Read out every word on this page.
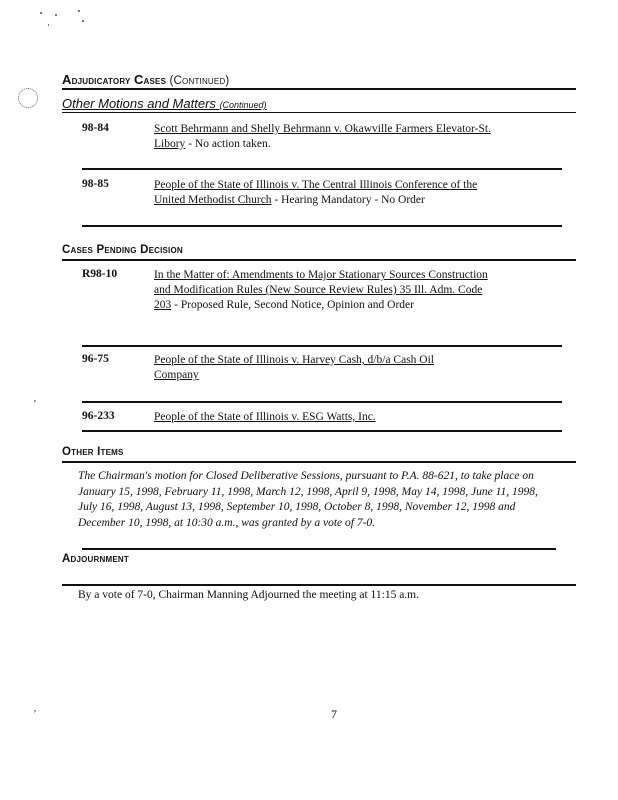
’
’
Adjudicatory Cases (Continued)
Other Motions and Matters (Continued)
98-84	Scott Behrmann and Shelly Behrmann v. Okawville Farmers Elevator-St. Libory - No action taken.
98-85	People of the State of Illinois v. The Central Illinois Conference of the United Methodist Church - Hearing Mandatory - No Order
Cases Pending Decision
R98-10	In the Matter of: Amendments to Major Stationary Sources Construction and Modification Rules (New Source Review Rules) 35 Ill. Adm. Code 203 - Proposed Rule, Second Notice, Opinion and Order
96-75	People of the State of Illinois v. Harvey Cash, d/b/a Cash Oil Company
96-233	People of the State of Illinois v. ESG Watts, Inc.
Other Items
The Chairman's motion for Closed Deliberative Sessions, pursuant to P.A. 88-621, to take place on January 15, 1998, February 11, 1998, March 12, 1998, April 9, 1998, May 14, 1998, June 11, 1998, July 16, 1998, August 13, 1998, September 10, 1998, October 8, 1998, November 12, 1998 and December 10, 1998, at 10:30 a.m., was granted by a vote of 7-0.
Adjournment
By a vote of 7-0, Chairman Manning Adjourned the meeting at 11:15 a.m.
7
